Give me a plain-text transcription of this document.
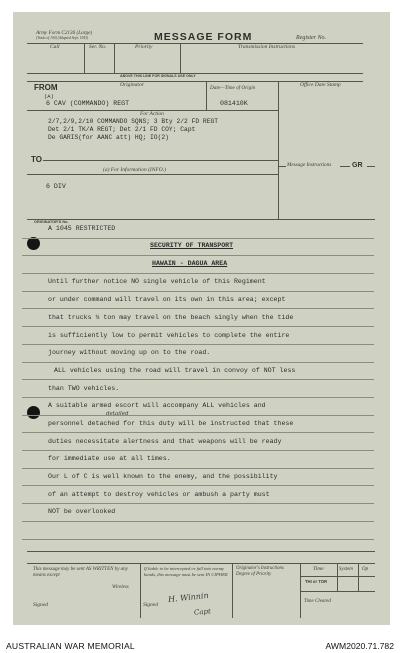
Army Form C2136 (Large)
(Trade of 100) (Adapted Sept. 1943)	MESSAGE FORM	Register No.
Call	Ser. No.	Priority	Transmission Instructions
ABOVE THIS LINE FOR SIGNALS USE ONLY
FROM	Originator	Date—Time of Origin	Office Date Stamp
(A)
6 CAV (COMMANDO) REGT	081410K
For Action
2/7,2/9,2/10 COMMANDO SQNS; 3 Bty 2/2 FD REGT
Det 2/1 TK/A REGT; Det 2/1 FD COY; Capt
De GARIS(for AANC att) HQ; IO(2)
TO
(a) For Information (INFO.)
6 DIV
Message Instructions	GR
ORIGINATOR'S No.
A 1045 RESTRICTED
SECURITY OF TRANSPORT
HAWAIN - DAGUA AREA
Until further notice NO single vehicle of this Regiment
or under command will travel on its own in this area; except
that trucks ¼ ton may travel on the beach singly when the tide
is sufficiently low to permit vehicles to complete the entire
journey without moving up on to the road.
ALL vehicles using the road will travel in convoy of NOT less
than TWO vehicles.
A suitable armed escort will accompany ALL vehicles and
detailed
personnel detached for this duty will be instructed that these
duties necessitate alertness and that weapons will be ready
for immediate use at all times.
Our L of C is well known to the enemy, and the possibility
of an attempt to destroy vehicles or ambush a party must
NOT be overlooked
This message may be sent AS WRITTEN by any means except
Wireless
If liable to be intercepted or fall into enemy hands, this message must be sent IN CIPHER
Originator's Instructions Degree of Priority
Time	System Op
THI or TOR
Time Cleared
Signed	Signed
H. Winnin
Capt
AUSTRALIAN WAR MEMORIAL	AWM2020.71.782
